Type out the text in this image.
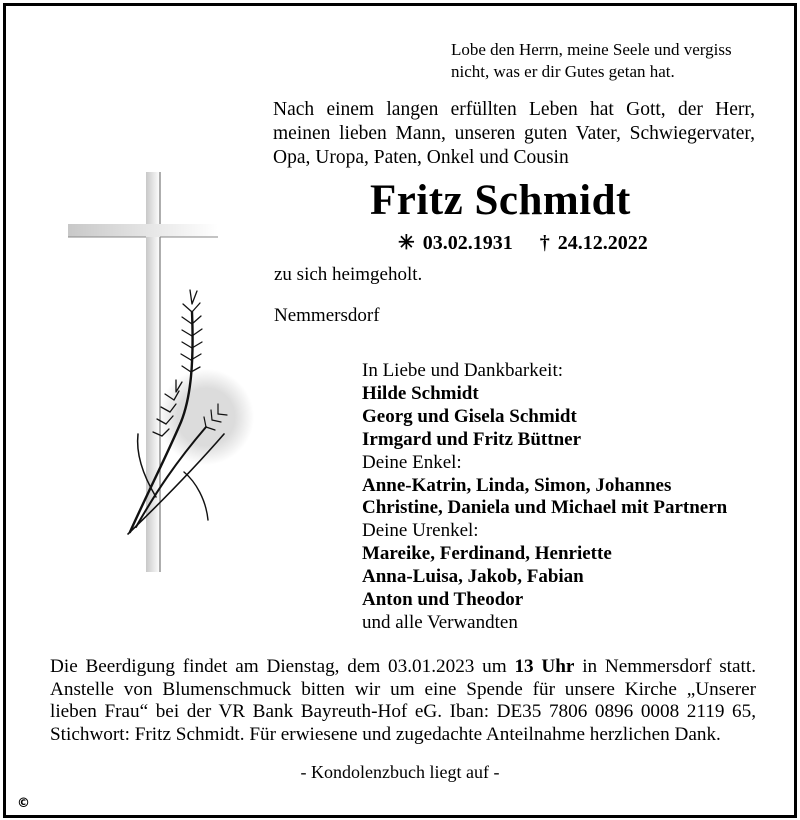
Lobe den Herrn, meine Seele und vergiss
nicht, was er dir Gutes getan hat.
Nach einem langen erfüllten Leben hat Gott, der Herr,
meinen lieben Mann, unseren guten Vater, Schwiegervater,
Opa, Uropa, Paten, Onkel und Cousin
Fritz Schmidt
✳ 03.02.1931 † 24.12.2022
zu sich heimgeholt.
Nemmersdorf
In Liebe und Dankbarkeit:
Hilde Schmidt
Georg und Gisela Schmidt
Irmgard und Fritz Büttner
Deine Enkel:
Anne-Katrin, Linda, Simon, Johannes
Christine, Daniela und Michael mit Partnern
Deine Urenkel:
Mareike, Ferdinand, Henriette
Anna-Luisa, Jakob, Fabian
Anton und Theodor
und alle Verwandten
Die Beerdigung findet am Dienstag, dem 03.01.2023 um 13 Uhr in Nemmersdorf statt.
Anstelle von Blumenschmuck bitten wir um eine Spende für unsere Kirche „Unserer
lieben Frau“ bei der VR Bank Bayreuth-Hof eG. Iban: DE35 7806 0896 0008 2119 65,
Stichwort: Fritz Schmidt. Für erwiesene und zugedachte Anteilnahme herzlichen Dank.
- Kondolenzbuch liegt auf -
©
